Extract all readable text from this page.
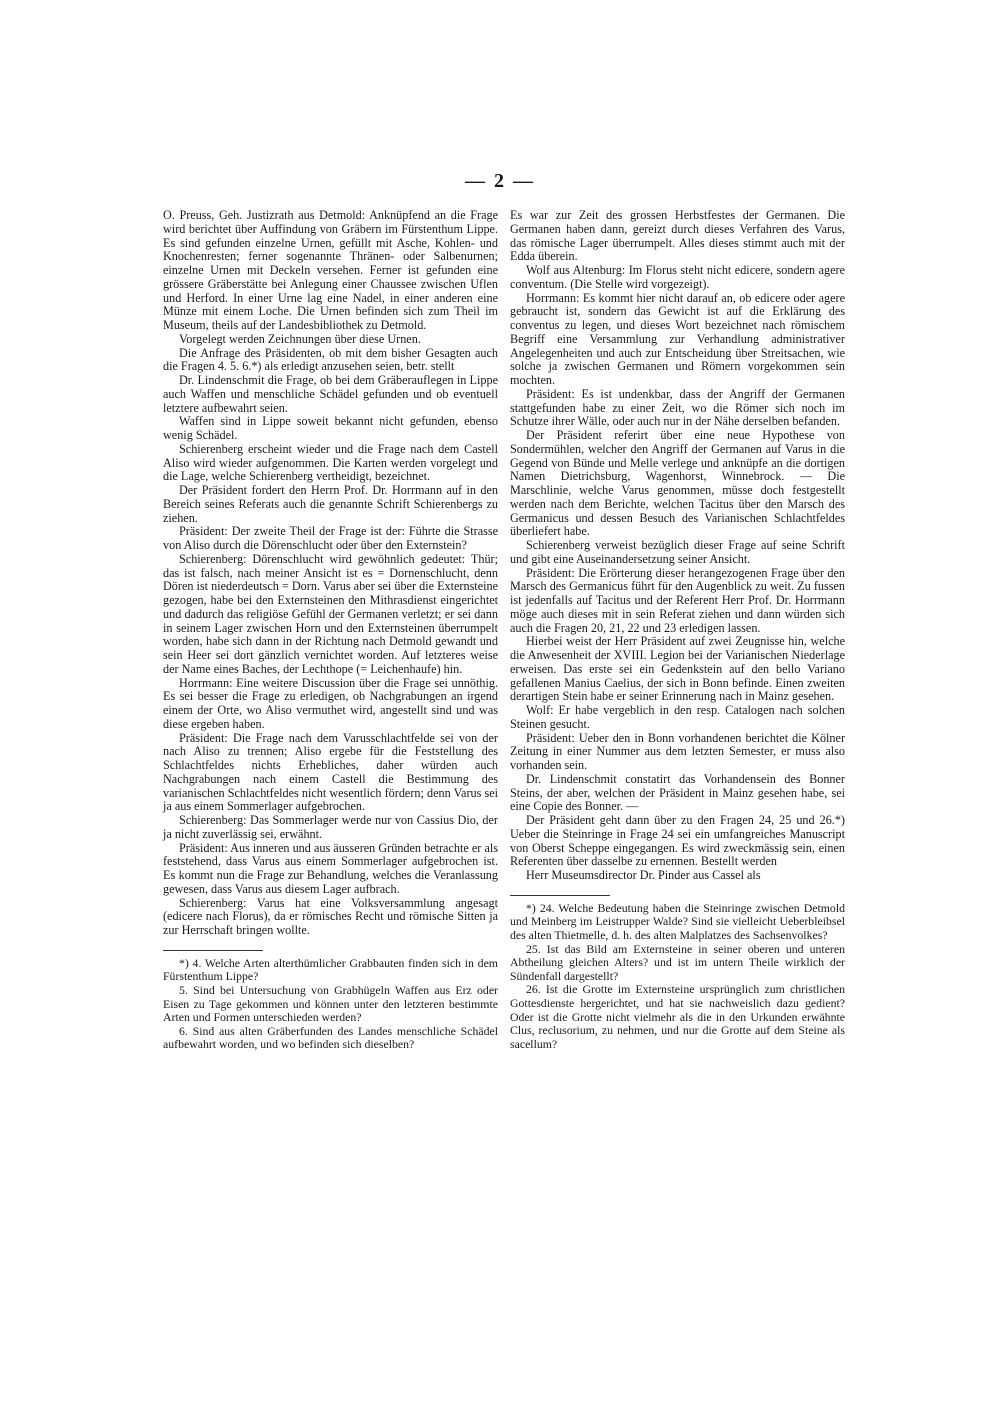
— 2 —

O. Preuss, Geh. Justizrath aus Detmold: Anknüpfend an die Frage wird berichtet über Auffindung von Gräbern im Fürstenthum Lippe. Es sind gefunden einzelne Urnen, gefüllt mit Asche, Kohlen- und Knochenresten; ferner sogenannte Thränen- oder Salbenurnen; einzelne Urnen mit Deckeln versehen. Ferner ist gefunden eine grössere Gräberstätte bei Anlegung einer Chaussee zwischen Uflen und Herford. In einer Urne lag eine Nadel, in einer anderen eine Münze mit einem Loche. Die Urnen befinden sich zum Theil im Museum, theils auf der Landesbibliothek zu Detmold.

Vorgelegt werden Zeichnungen über diese Urnen.

Die Anfrage des Präsidenten, ob mit dem bisher Gesagten auch die Fragen 4. 5. 6.*) als erledigt anzusehen seien, betr. stellt

Dr. Lindenschmit die Frage, ob bei dem Gräberauflegen in Lippe auch Waffen und menschliche Schädel gefunden und ob eventuell letztere aufbewahrt seien.

Waffen sind in Lippe soweit bekannt nicht gefunden, ebenso wenig Schädel.

Schierenberg erscheint wieder und die Frage nach dem Castell Aliso wird wieder aufgenommen. Die Karten werden vorgelegt und die Lage, welche Schierenberg vertheidigt, bezeichnet.

Der Präsident fordert den Herrn Prof. Dr. Horrmann auf in den Bereich seines Referats auch die genannte Schrift Schierenbergs zu ziehen.

Präsident: Der zweite Theil der Frage ist der: Führte die Strasse von Aliso durch die Dörenschlucht oder über den Externstein?

Schierenberg: Dörenschlucht wird gewöhnlich gedeutet: Thür; das ist falsch, nach meiner Ansicht ist es = Dornenschlucht, denn Dören ist niederdeutsch = Dorn. Varus aber sei über die Externsteine gezogen, habe bei den Externsteinen den Mithrasdienst eingerichtet und dadurch das religiöse Gefühl der Germanen verletzt; er sei dann in seinem Lager zwischen Horn und den Externsteinen überrumpelt worden, habe sich dann in der Richtung nach Detmold gewandt und sein Heer sei dort gänzlich vernichtet worden. Auf letzteres weise der Name eines Baches, der Lechthope (= Leichenhaufe) hin.

Horrmann: Eine weitere Discussion über die Frage sei unnöthig. Es sei besser die Frage zu erledigen, ob Nachgrabungen an irgend einem der Orte, wo Aliso vermuthet wird, angestellt sind und was diese ergeben haben.

Präsident: Die Frage nach dem Varusschlachtfelde sei von der nach Aliso zu trennen; Aliso ergebe für die Feststellung des Schlachtfeldes nichts Erhebliches, daher würden auch Nachgrabungen nach einem Castell die Bestimmung des varianischen Schlachtfeldes nicht wesentlich fördern; denn Varus sei ja aus einem Sommerlager aufgebrochen.

Schierenberg: Das Sommerlager werde nur von Cassius Dio, der ja nicht zuverlässig sei, erwähnt.

Präsident: Aus inneren und aus äusseren Gründen betrachte er als feststehend, dass Varus aus einem Sommerlager aufgebrochen ist. Es kommt nun die Frage zur Behandlung, welches die Veranlassung gewesen, dass Varus aus diesem Lager aufbrach.

Schierenberg: Varus hat eine Volksversammlung angesagt (edicere nach Florus), da er römisches Recht und römische Sitten ja zur Herrschaft bringen wollte.

*) 4. Welche Arten alterthümlicher Grabbauten finden sich in dem Fürstenthum Lippe?

5. Sind bei Untersuchung von Grabhügeln Waffen aus Erz oder Eisen zu Tage gekommen und können unter den letzteren bestimmte Arten und Formen unterschieden werden?

6. Sind aus alten Gräberfunden des Landes menschliche Schädel aufbewahrt worden, und wo befinden sich dieselben?

Es war zur Zeit des grossen Herbstfestes der Germanen. Die Germanen haben dann, gereizt durch dieses Verfahren des Varus, das römische Lager überrumpelt. Alles dieses stimmt auch mit der Edda überein.

Wolf aus Altenburg: Im Florus steht nicht edicere, sondern agere conventum. (Die Stelle wird vorgezeigt).

Horrmann: Es kommt hier nicht darauf an, ob edicere oder agere gebraucht ist, sondern das Gewicht ist auf die Erklärung des conventus zu legen, und dieses Wort bezeichnet nach römischem Begriff eine Versammlung zur Verhandlung administrativer Angelegenheiten und auch zur Entscheidung über Streitsachen, wie solche ja zwischen Germanen und Römern vorgekommen sein mochten.

Präsident: Es ist undenkbar, dass der Angriff der Germanen stattgefunden habe zu einer Zeit, wo die Römer sich noch im Schutze ihrer Wälle, oder auch nur in der Nähe derselben befanden.

Der Präsident referirt über eine neue Hypothese von Sondermühlen, welcher den Angriff der Germanen auf Varus in die Gegend von Bünde und Melle verlege und anknüpfe an die dortigen Namen Dietrichsburg, Wagenhorst, Winnebrock. — Die Marschlinie, welche Varus genommen, müsse doch festgestellt werden nach dem Berichte, welchen Tacitus über den Marsch des Germanicus und dessen Besuch des Varianischen Schlachtfeldes überliefert habe.

Schierenberg verweist bezüglich dieser Frage auf seine Schrift und gibt eine Auseinandersetzung seiner Ansicht.

Präsident: Die Erörterung dieser herangezogenen Frage über den Marsch des Germanicus führt für den Augenblick zu weit. Zu fussen ist jedenfalls auf Tacitus und der Referent Herr Prof. Dr. Horrmann möge auch dieses mit in sein Referat ziehen und dann würden sich auch die Fragen 20, 21, 22 und 23 erledigen lassen.

Hierbei weist der Herr Präsident auf zwei Zeugnisse hin, welche die Anwesenheit der XVIII. Legion bei der Varianischen Niederlage erweisen. Das erste sei ein Gedenkstein auf den bello Variano gefallenen Manius Caelius, der sich in Bonn befinde. Einen zweiten derartigen Stein habe er seiner Erinnerung nach in Mainz gesehen.

Wolf: Er habe vergeblich in den resp. Catalogen nach solchen Steinen gesucht.

Präsident: Ueber den in Bonn vorhandenen berichtet die Kölner Zeitung in einer Nummer aus dem letzten Semester, er muss also vorhanden sein.

Dr. Lindenschmit constatirt das Vorhandensein des Bonner Steins, der aber, welchen der Präsident in Mainz gesehen habe, sei eine Copie des Bonner. —

Der Präsident geht dann über zu den Fragen 24, 25 und 26.*) Ueber die Steinringe in Frage 24 sei ein umfangreiches Manuscript von Oberst Scheppe eingegangen. Es wird zweckmässig sein, einen Referenten über dasselbe zu ernennen. Bestellt werden

Herr Museumsdirector Dr. Pinder aus Cassel als

*) 24. Welche Bedeutung haben die Steinringe zwischen Detmold und Meinberg im Leistrupper Walde? Sind sie vielleicht Ueberbleibsel des alten Thietmelle, d. h. des alten Malplatzes des Sachsenvolkes?

25. Ist das Bild am Externsteine in seiner oberen und unteren Abtheilung gleichen Alters? und ist im untern Theile wirklich der Sündenfall dargestellt?

26. Ist die Grotte im Externsteine ursprünglich zum christlichen Gottesdienste hergerichtet, und hat sie nachweislich dazu gedient? Oder ist die Grotte nicht vielmehr als die in den Urkunden erwähnte Clus, reclusorium, zu nehmen, und nur die Grotte auf dem Steine als sacellum?
